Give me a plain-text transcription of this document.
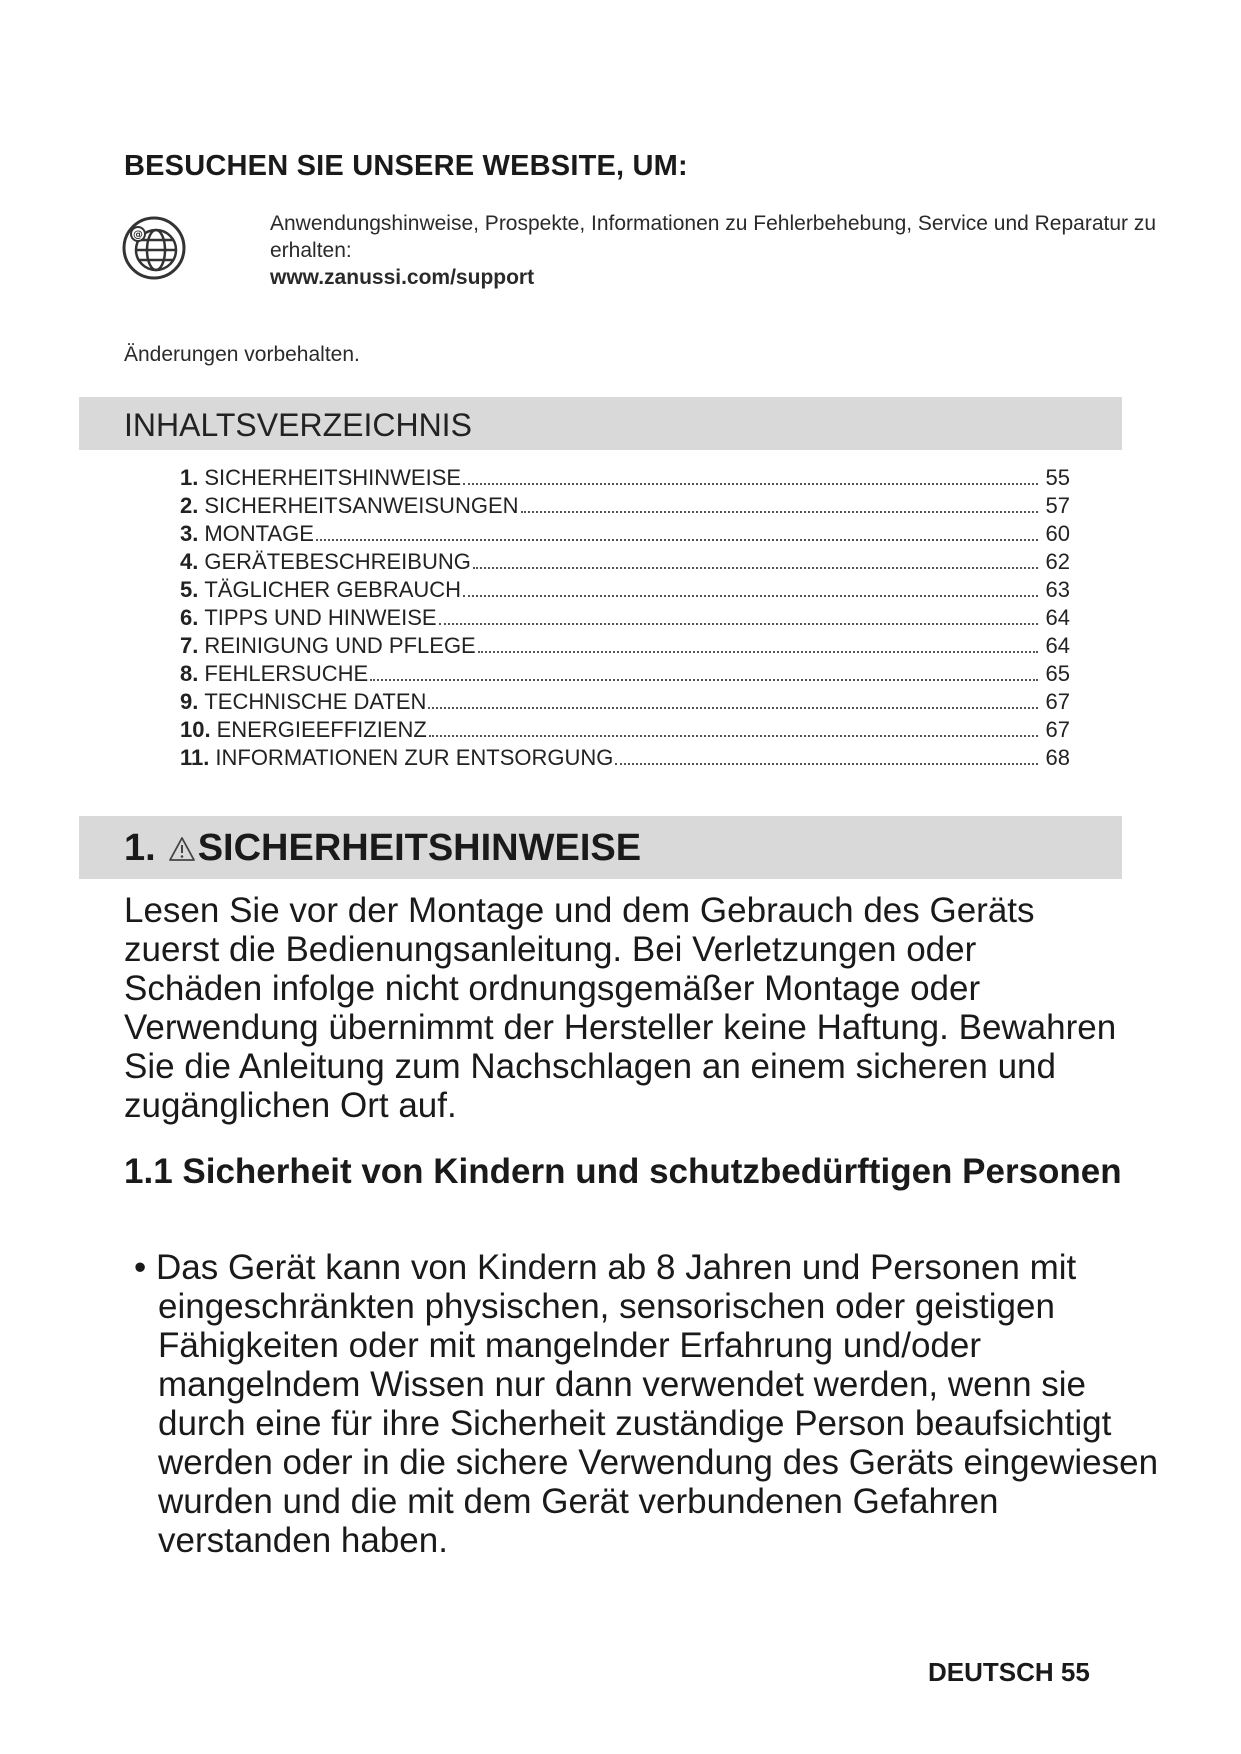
BESUCHEN SIE UNSERE WEBSITE, UM:
@	Anwendungshinweise, Prospekte, Informationen zu Fehlerbehebung, Service und Reparatur zu erhalten:
www.zanussi.com/support
Änderungen vorbehalten.
INHALTSVERZEICHNIS
1. SICHERHEITSHINWEISE	55
2. SICHERHEITSANWEISUNGEN	57
3. MONTAGE	60
4. GERÄTEBESCHREIBUNG	62
5. TÄGLICHER GEBRAUCH	63
6. TIPPS UND HINWEISE	64
7. REINIGUNG UND PFLEGE	64
8. FEHLERSUCHE	65
9. TECHNISCHE DATEN	67
10. ENERGIEEFFIZIENZ	67
11. INFORMATIONEN ZUR ENTSORGUNG	68
1. SICHERHEITSHINWEISE

Lesen Sie vor der Montage und dem Gebrauch des Geräts zuerst die Bedienungsanleitung. Bei Verletzungen oder Schäden infolge nicht ordnungsgemäßer Montage oder Verwendung übernimmt der Hersteller keine Haftung. Bewahren Sie die Anleitung zum Nachschlagen an einem sicheren und zugänglichen Ort auf.

1.1 Sicherheit von Kindern und schutzbedürftigen Personen

• Das Gerät kann von Kindern ab 8 Jahren und Personen mit eingeschränkten physischen, sensorischen oder geistigen Fähigkeiten oder mit mangelnder Erfahrung und/oder mangelndem Wissen nur dann verwendet werden, wenn sie durch eine für ihre Sicherheit zuständige Person beaufsichtigt werden oder in die sichere Verwendung des Geräts eingewiesen wurden und die mit dem Gerät verbundenen Gefahren verstanden haben.

DEUTSCH 55
